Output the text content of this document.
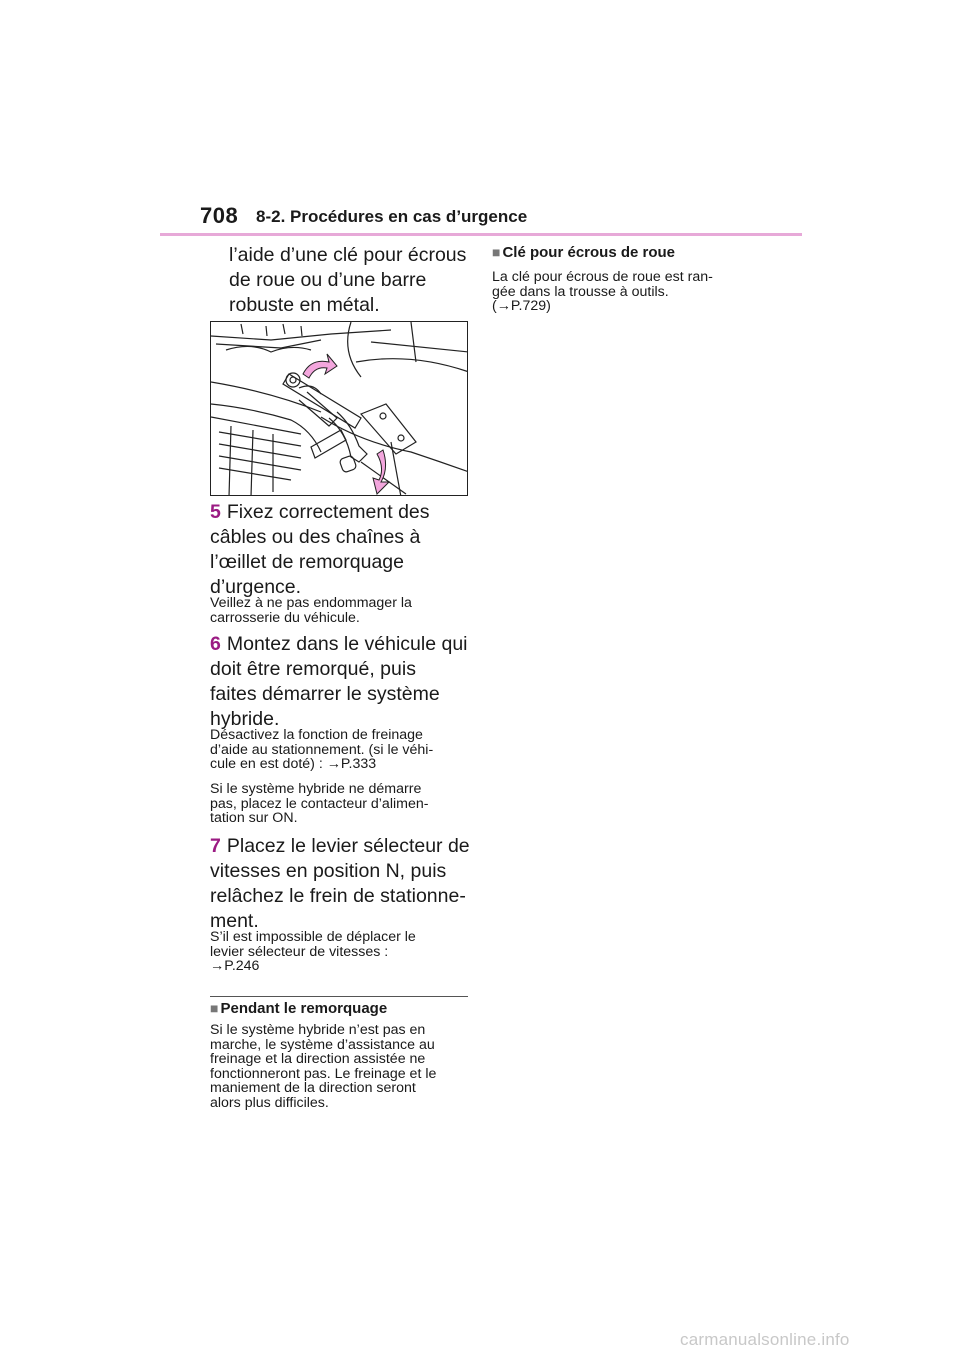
708 8-2. Procédures en cas d’urgence
l’aide d’une clé pour écrous
de roue ou d’une barre
robuste en métal.
5 Fixez correctement des
câbles ou des chaînes à
l’œillet de remorquage
d’urgence.
Veillez à ne pas endommager la
carrosserie du véhicule.
6 Montez dans le véhicule qui
doit être remorqué, puis
faites démarrer le système
hybride.
Désactivez la fonction de freinage
d’aide au stationnement. (si le véhi-
cule en est doté) : →P.333
Si le système hybride ne démarre
pas, placez le contacteur d’alimen-
tation sur ON.
7 Placez le levier sélecteur de
vitesses en position N, puis
relâchez le frein de stationne-
ment.
S’il est impossible de déplacer le
levier sélecteur de vitesses :
→P.246
■ Pendant le remorquage
Si le système hybride n’est pas en
marche, le système d’assistance au
freinage et la direction assistée ne
fonctionneront pas. Le freinage et le
maniement de la direction seront
alors plus difficiles.
■ Clé pour écrous de roue
La clé pour écrous de roue est ran-
gée dans la trousse à outils.
(→P.729)
carmanualsonline.info
